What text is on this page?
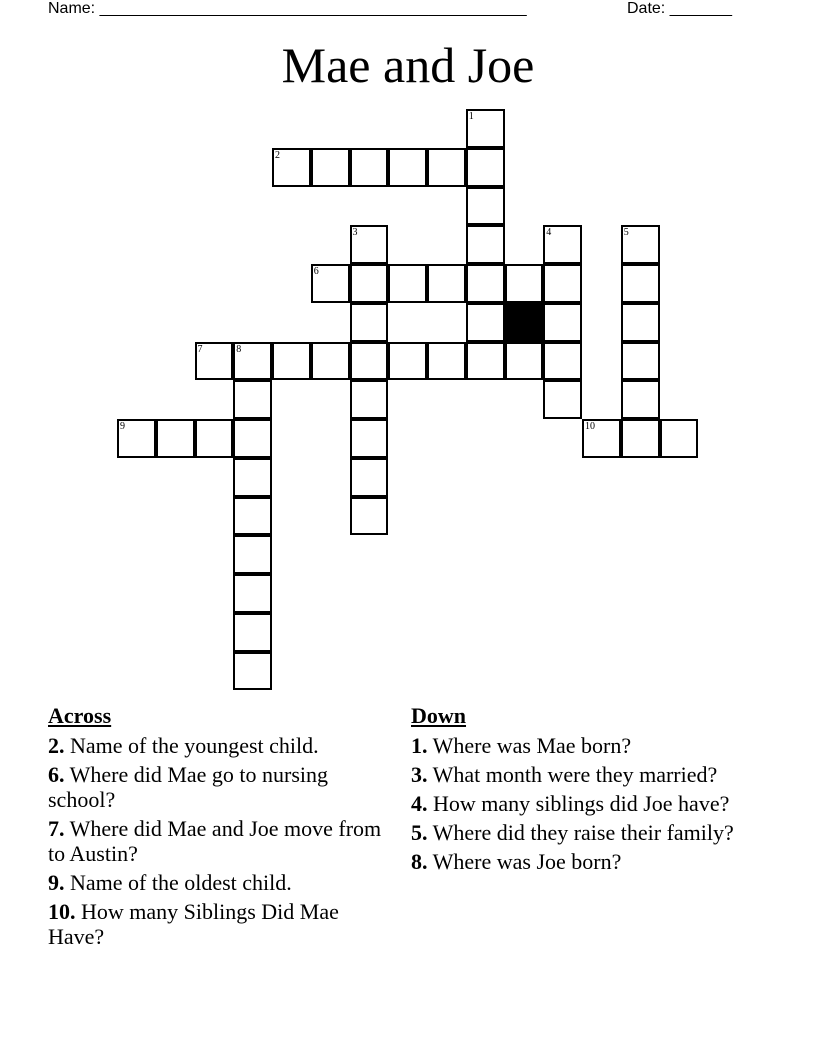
Name: ________________________________________________	Date: _______
Mae and Joe
1
2
3	4	5
6
7	8
9	10
Across
2. Name of the youngest child.
6. Where did Mae go to nursing school?
7. Where did Mae and Joe move from to Austin?
9. Name of the oldest child.
10. How many Siblings Did Mae Have?
Down
1. Where was Mae born?
3. What month were they married?
4. How many siblings did Joe have?
5. Where did they raise their family?
8. Where was Joe born?
